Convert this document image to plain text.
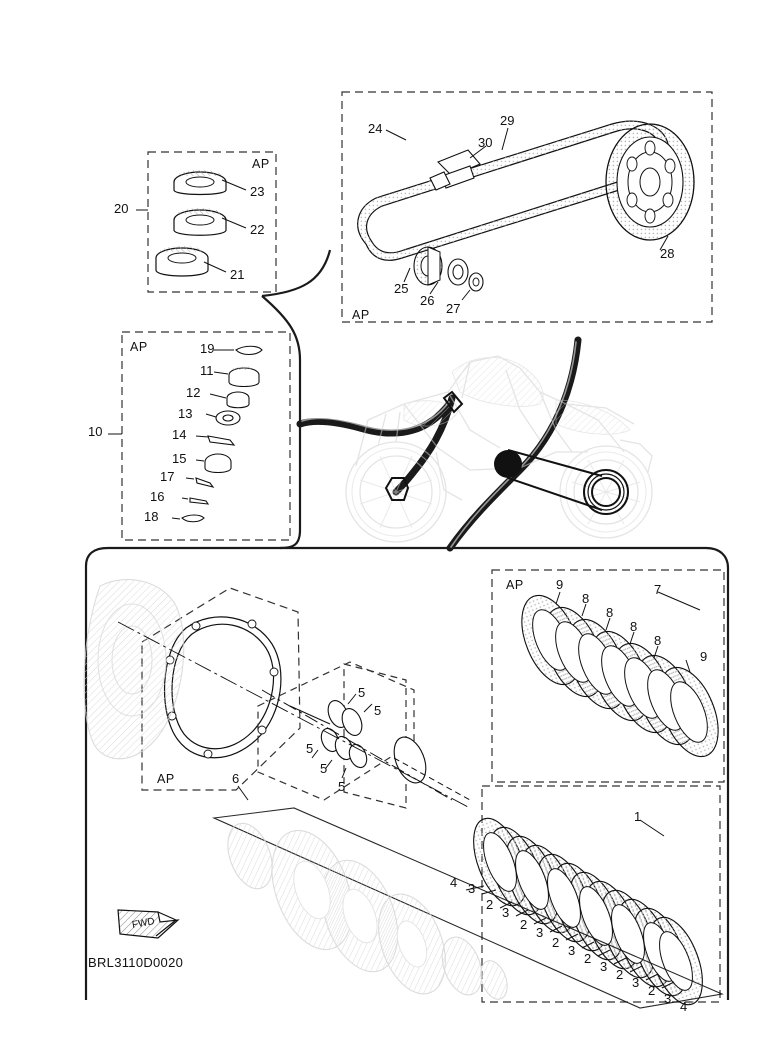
AP
AP
AP
AP
AP
20
10
24
7
1
23
22
21
29
30
28
25
26
27
19
11
12
13
14
15
17
16
18
9
8
8
8
8
9
6
5
5
5
5
5
4 3
2
3
2
3
2
3
2
3
2
3
2
3
4
FWD
BRL3110D0020
